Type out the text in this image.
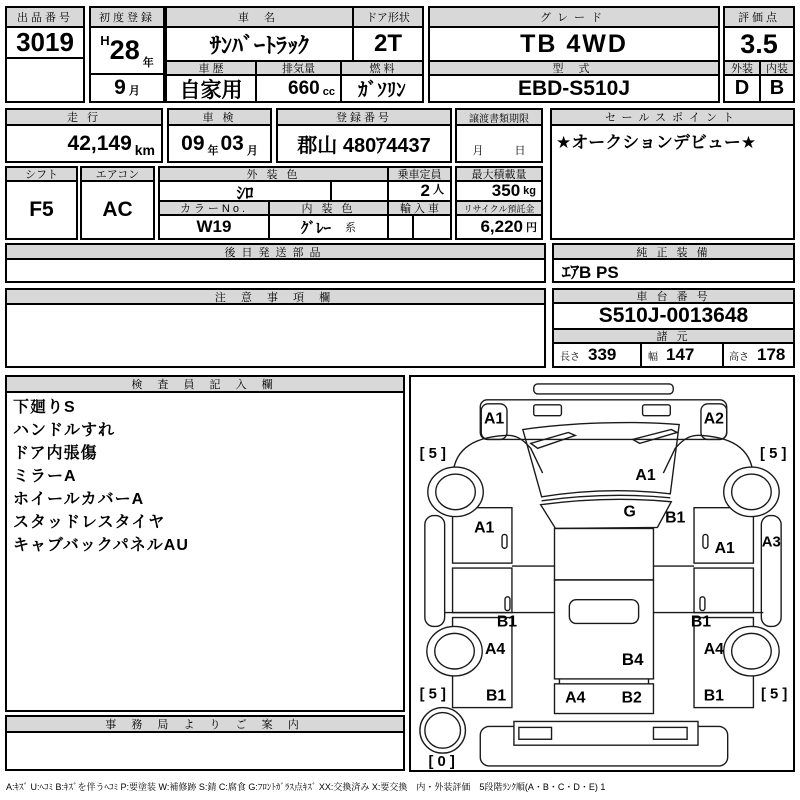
出品番号
3019
初度登録
H 28 年
9 月
車 名
ｻﾝﾊﾞｰﾄﾗｯｸ
ドア形状
2T
グレード
TB 4WD
評価点
3.5
車 歴
自家用
排気量
660 cc
燃 料
ｶﾞｿﾘﾝ
型 式
EBD-S510J
外装 内装
D	B
走 行
42,149 km
車 検
09 年 03 月
登録番号
郡山 480ｱ4437
譲渡書類期限
月	日
セールスポイント
★オークションデビュー★
シフト
F5
エアコン
AC
外 装 色	乗車定員
ｼﾛ	2 人
カラーNo.	内 装 色	輸 入 車
W19	ｸﾞﾚｰ 系
最大積載量
350 kg
リサイクル預託金
6,220 円
後日発送部品	純 正 装 備
ｴｱB PS
注 意 事 項 欄	車 台 番 号
S510J-0013648
諸 元
長さ 339	幅 147	高さ 178
検 査 員 記 入 欄
下廻りS
ハンドルすれ
ドア内張傷
ミラーA
ホイールカバーA
スタッドレスタイヤ
キャブバックパネルAU
事 務 局 よ り ご 案 内
A1	A2
A1
G B1
A1
A1 A3
B1	B1
A4	A4
B4
B1	B1
A4 B2
[ 5 ]	[ 5 ]
[ 5 ]	[ 5 ]
[ 0 ]
A:ｷｽﾞ U:ﾍｺﾐ B:ｷｽﾞを伴うﾍｺﾐ P:要塗装 W:補修跡 S:錆 C:腐食 G:ﾌﾛﾝﾄｶﾞﾗｽ点ｷｽﾞ XX:交換済み X:要交換　内・外装評価　5段階ﾗﾝｸ順(A・B・C・D・E) 1
